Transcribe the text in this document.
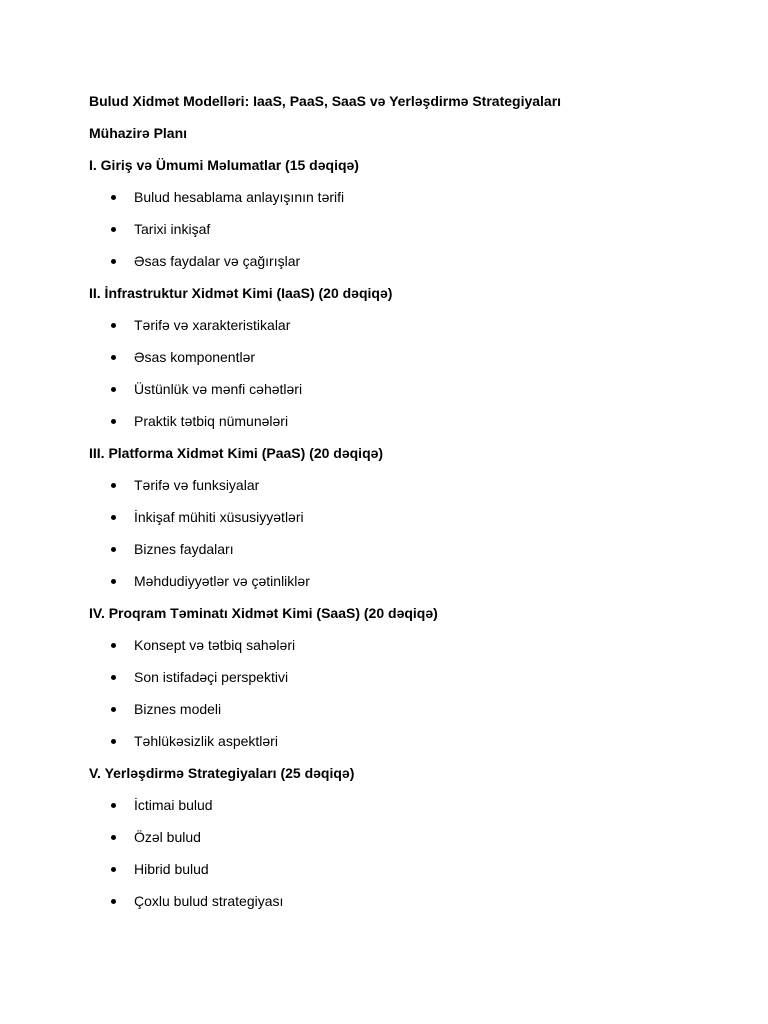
Bulud Xidmət Modelləri: IaaS, PaaS, SaaS və Yerləşdirmə Strategiyaları
Mühazirə Planı
I. Giriş və Ümumi Məlumatlar (15 dəqiqə)
Bulud hesablama anlayışının tərifi
Tarixi inkişaf
Əsas faydalar və çağırışlar
II. İnfrastruktur Xidmət Kimi (IaaS) (20 dəqiqə)
Tərifə və xarakteristikalar
Əsas komponentlər
Üstünlük və mənfi cəhətləri
Praktik tətbiq nümunələri
III. Platforma Xidmət Kimi (PaaS) (20 dəqiqə)
Tərifə və funksiyalar
İnkişaf mühiti xüsusiyyətləri
Biznes faydaları
Məhdudiyyətlər və çətinliklər
IV. Proqram Təminatı Xidmət Kimi (SaaS) (20 dəqiqə)
Konsept və tətbiq sahələri
Son istifadəçi perspektivi
Biznes modeli
Təhlükəsizlik aspektləri
V. Yerləşdirmə Strategiyaları (25 dəqiqə)
İctimai bulud
Özəl bulud
Hibrid bulud
Çoxlu bulud strategiyası
